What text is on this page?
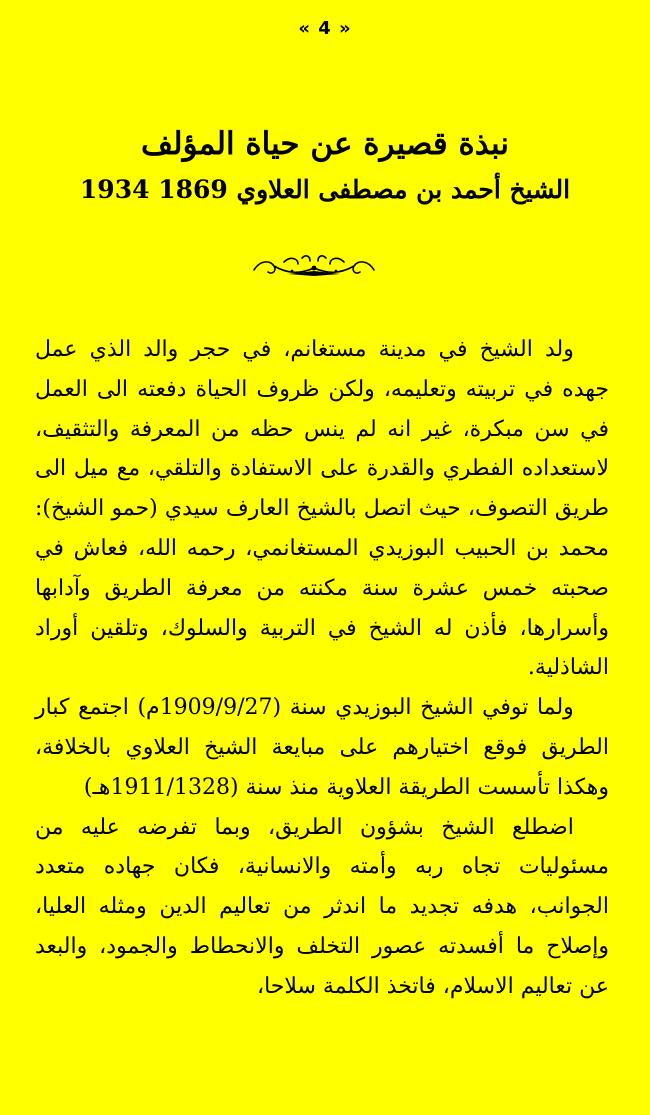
« 4 »
نبذة قصيرة عن حياة المؤلف
الشيخ أحمد بن مصطفى العلاوي 1869 1934

ولد الشيخ في مدينة مستغانم، في حجر والد الذي عمل جهده في تربيته وتعليمه، ولكن ظروف الحياة دفعته الى العمل في سن مبكرة، غير انه لم ينس حظه من المعرفة والتثقيف، لاستعداده الفطري والقدرة على الاستفادة والتلقي، مع ميل الى طريق التصوف، حيث اتصل بالشيخ العارف سيدي (حمو الشيخ): محمد بن الحبيب البوزيدي المستغانمي، رحمه الله، فعاش في صحبته خمس عشرة سنة مكنته من معرفة الطريق وآدابها وأسرارها، فأذن له الشيخ في التربية والسلوك، وتلقين أوراد الشاذلية.

ولما توفي الشيخ البوزيدي سنة (1909/9/27م) اجتمع كبار الطريق فوقع اختيارهم على مبايعة الشيخ العلاوي بالخلافة، وهكذا تأسست الطريقة العلاوية منذ سنة (1911/1328هـ)

اضطلع الشيخ بشؤون الطريق، وبما تفرضه عليه من مسئوليات تجاه ربه وأمته والانسانية، فكان جهاده متعدد الجوانب، هدفه تجديد ما اندثر من تعاليم الدين ومثله العليا، وإصلاح ما أفسدته عصور التخلف والانحطاط والجمود، والبعد عن تعاليم الاسلام، فاتخذ الكلمة سلاحا،
